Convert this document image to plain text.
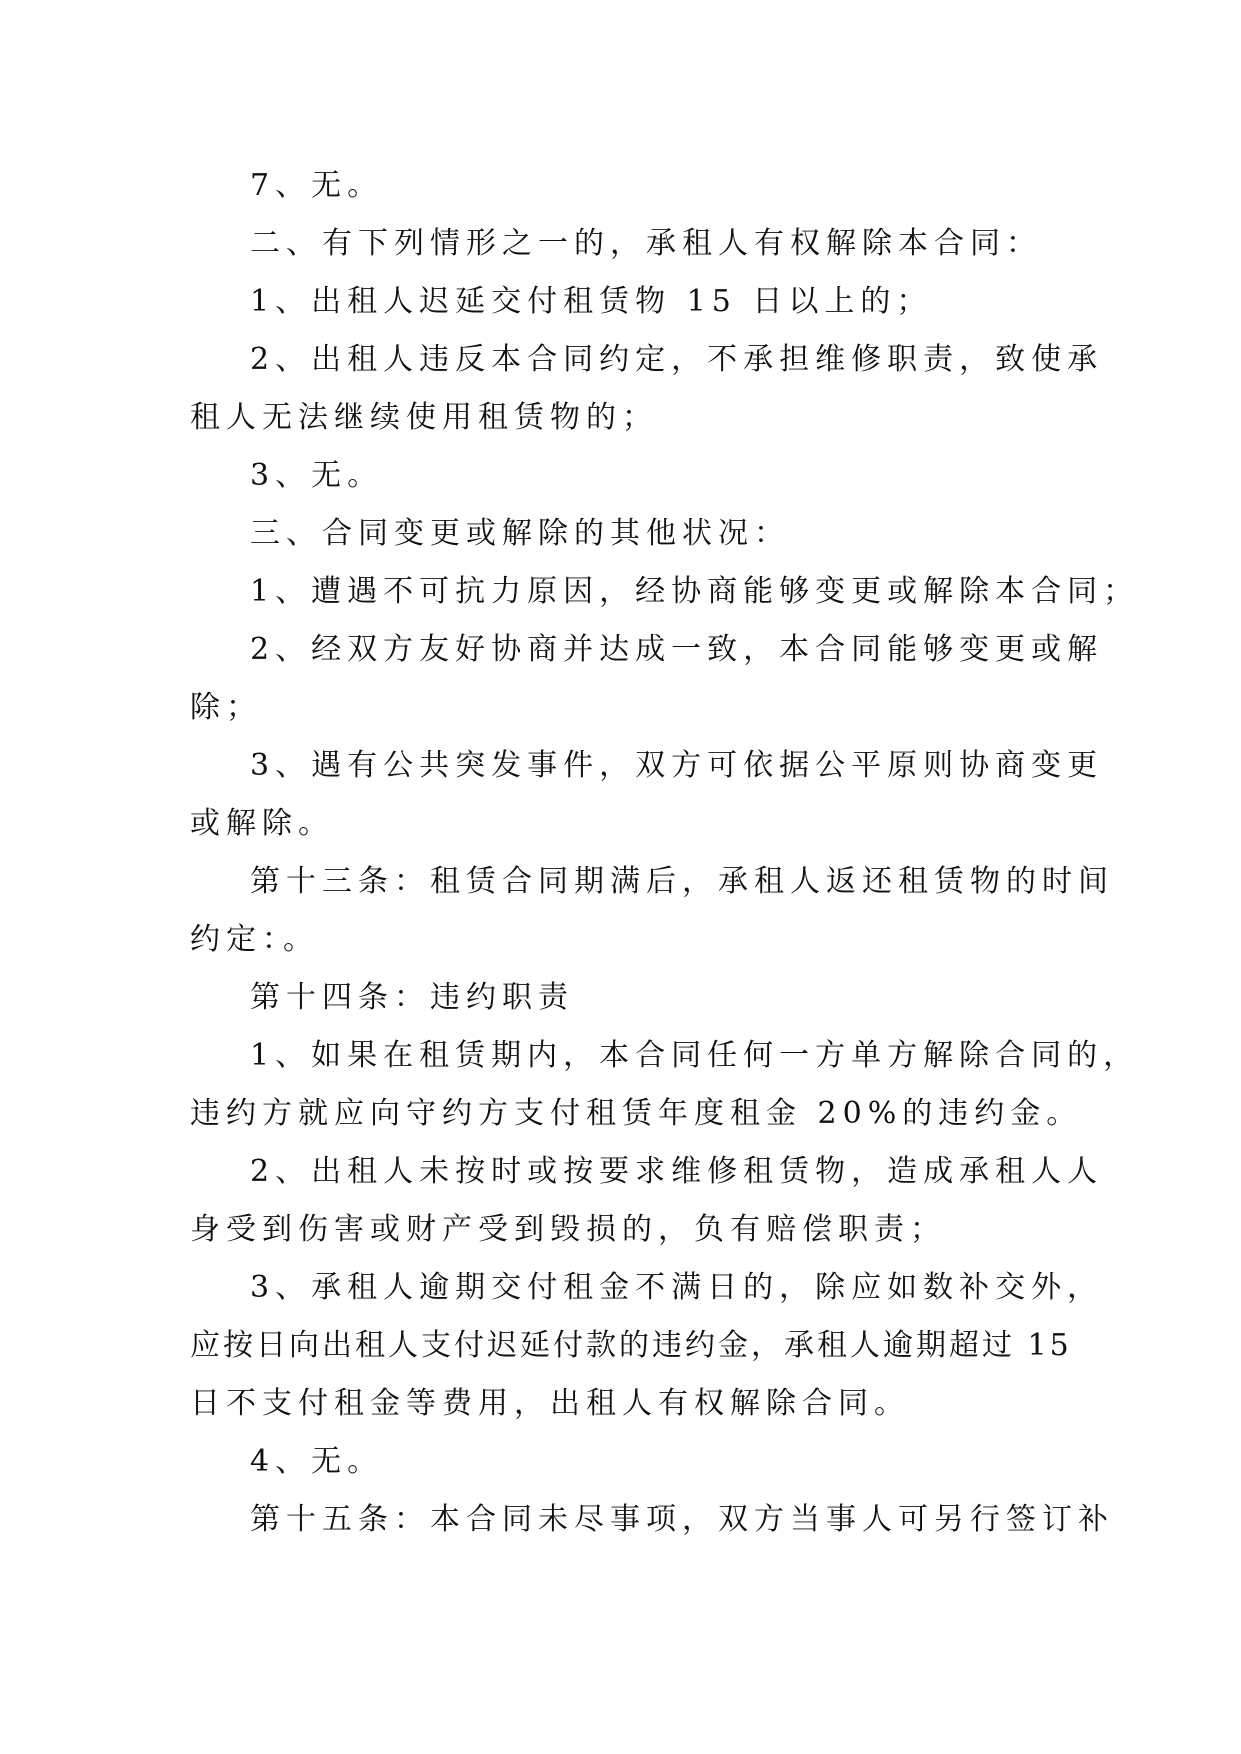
7、无。
二、有下列情形之一的，承租人有权解除本合同：
1、出租人迟延交付租赁物 15 日以上的；
2、出租人违反本合同约定，不承担维修职责，致使承
租人无法继续使用租赁物的；
3、无。
三、合同变更或解除的其他状况：
1、遭遇不可抗力原因，经协商能够变更或解除本合同；
2、经双方友好协商并达成一致，本合同能够变更或解
除；
3、遇有公共突发事件，双方可依据公平原则协商变更
或解除。
第十三条：租赁合同期满后，承租人返还租赁物的时间
约定：。
第十四条：违约职责
1、如果在租赁期内，本合同任何一方单方解除合同的，
违约方就应向守约方支付租赁年度租金 20%的违约金。
2、出租人未按时或按要求维修租赁物，造成承租人人
身受到伤害或财产受到毁损的，负有赔偿职责；
3、承租人逾期交付租金不满日的，除应如数补交外，
应按日向出租人支付迟延付款的违约金，承租人逾期超过 15
日不支付租金等费用，出租人有权解除合同。
4、无。
第十五条：本合同未尽事项，双方当事人可另行签订补
